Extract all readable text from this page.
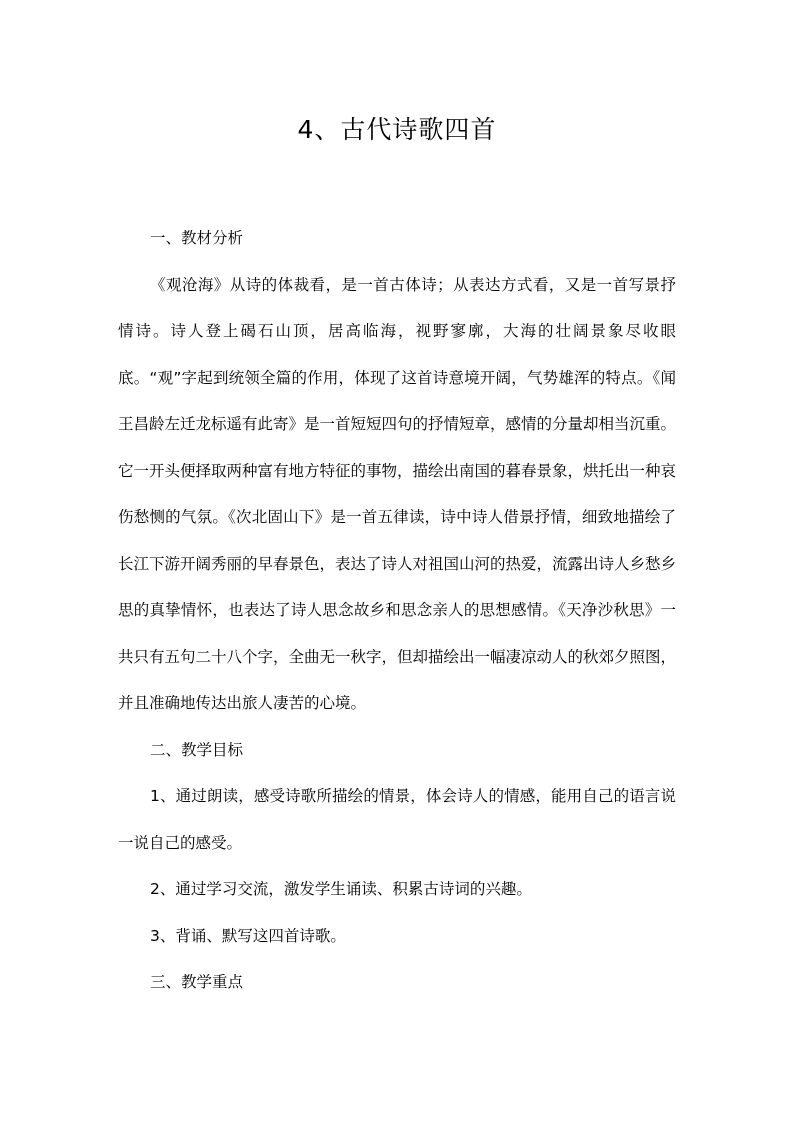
4、古代诗歌四首

一、教材分析

《观沧海》从诗的体裁看，是一首古体诗；从表达方式看，又是一首写景抒情诗。诗人登上碣石山顶，居高临海，视野寥廓，大海的壮阔景象尽收眼底。“观”字起到统领全篇的作用，体现了这首诗意境开阔，气势雄浑的特点。《闻王昌龄左迁龙标遥有此寄》是一首短短四句的抒情短章，感情的分量却相当沉重。它一开头便择取两种富有地方特征的事物，描绘出南国的暮春景象，烘托出一种哀伤愁恻的气氛。《次北固山下》是一首五律读，诗中诗人借景抒情，细致地描绘了长江下游开阔秀丽的早春景色，表达了诗人对祖国山河的热爱，流露出诗人乡愁乡思的真挚情怀，也表达了诗人思念故乡和思念亲人的思想感情。《天净沙秋思》一共只有五句二十八个字，全曲无一秋字，但却描绘出一幅凄凉动人的秋郊夕照图，并且准确地传达出旅人凄苦的心境。

二、教学目标

1、通过朗读，感受诗歌所描绘的情景，体会诗人的情感，能用自己的语言说一说自己的感受。

2、通过学习交流，激发学生诵读、积累古诗词的兴趣。

3、背诵、默写这四首诗歌。

三、教学重点
